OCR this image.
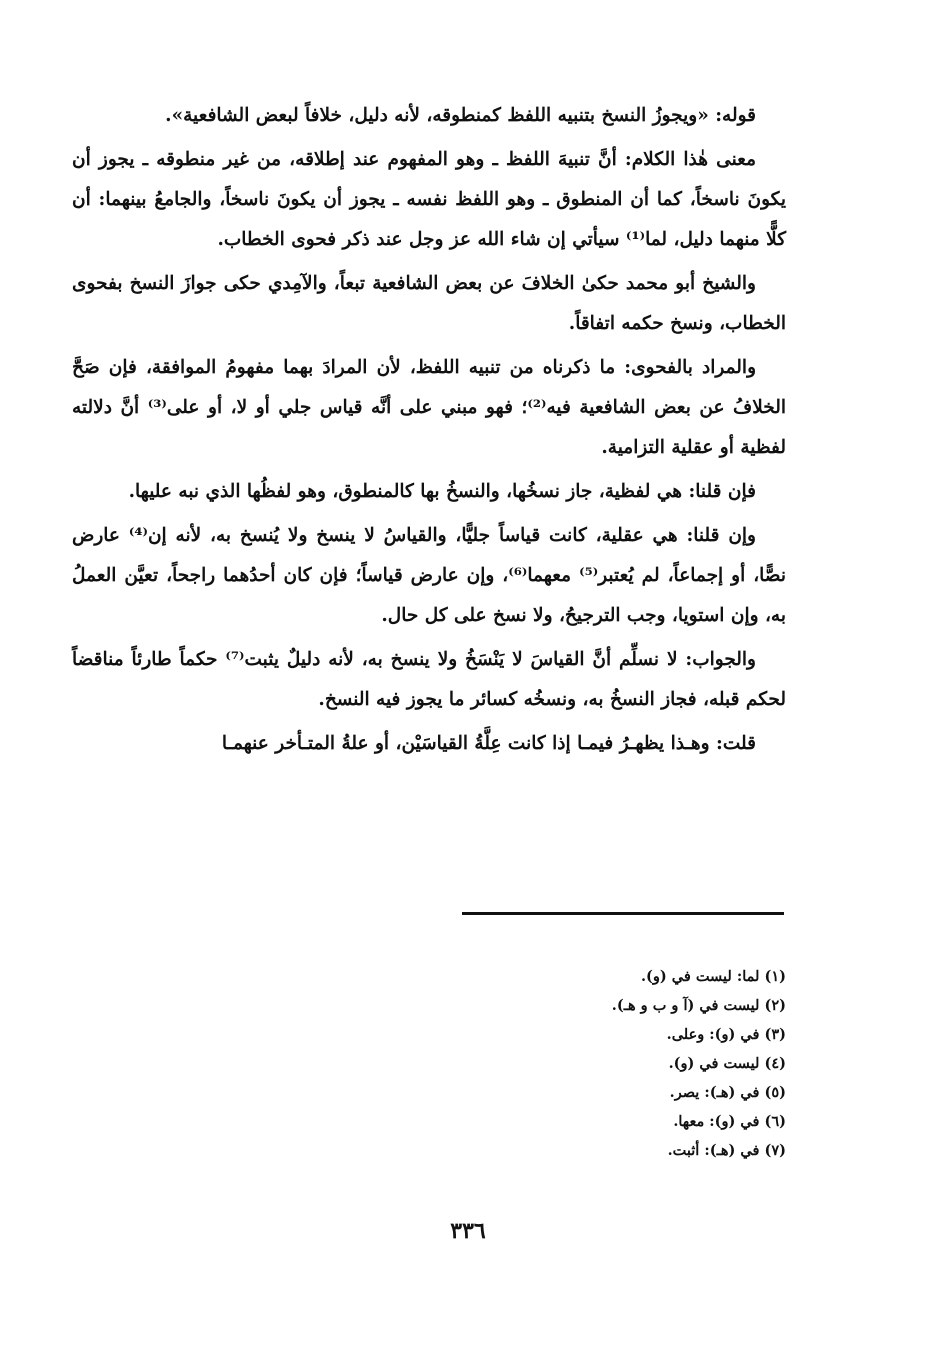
قوله: «ويجوزُ النسخ بتنبيه اللفظ كمنطوقه، لأنه دليل، خلافاً لبعض الشافعية».

معنى هٰذا الكلام: أنَّ تنبيهَ اللفظ ـ وهو المفهوم عند إطلاقه، من غير منطوقه ـ يجوز أن يكونَ ناسخاً، كما أن المنطوق ـ وهو اللفظ نفسه ـ يجوز أن يكونَ ناسخاً، والجامعُ بينهما: أن كلًّا منهما دليل، لما⁽¹⁾ سيأتي إن شاء الله عز وجل عند ذكر فحوى الخطاب.

والشيخ أبو محمد حكىٰ الخلافَ عن بعض الشافعية تبعاً، والآمِدي حكى جوازَ النسخ بفحوى الخطاب، ونسخ حكمه اتفاقاً.

والمراد بالفحوى: ما ذكرناه من تنبيه اللفظ، لأن المرادَ بهما مفهومُ الموافقة، فإن صَحَّ الخلافُ عن بعض الشافعية فيه⁽²⁾؛ فهو مبني على أنَّه قياس جلي أو لا، أو على⁽³⁾ أنَّ دلالته لفظية أو عقلية التزامية.

فإن قلنا: هي لفظية، جاز نسخُها، والنسخُ بها كالمنطوق، وهو لفظُها الذي نبه عليها.

وإن قلنا: هي عقلية، كانت قياساً جليًّا، والقياسُ لا ينسخ ولا يُنسخ به، لأنه إن⁽⁴⁾ عارض نصًّا، أو إجماعاً، لم يُعتبر⁽⁵⁾ معهما⁽⁶⁾، وإن عارض قياساً؛ فإن كان أحدُهما راجحاً، تعيَّن العملُ به، وإن استويا، وجب الترجيحُ، ولا نسخ على كل حال.

والجواب: لا نسلِّم أنَّ القياسَ لا يَنْسَخُ ولا ينسخ به، لأنه دليلٌ يثبت⁽⁷⁾ حكماً طارئاً مناقضاً لحكم قبله، فجاز النسخُ به، ونسخُه كسائر ما يجوز فيه النسخ.

قلت: وهـذا يظهـرُ فيمـا إذا كانت عِلَّةُ القياسَيْن، أو علةُ المتـأخر عنهمـا

(١) لما: ليست في (و).
(٢) ليست في (آ و ب و هـ).
(٣) في (و): وعلى.
(٤) ليست في (و).
(٥) في (هـ): يصر.
(٦) في (و): معها.
(٧) في (هـ): أثبت.
٣٣٦
